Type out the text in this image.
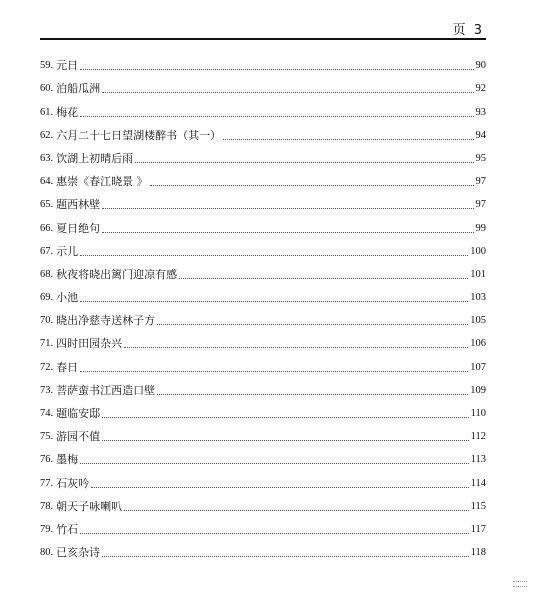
页 3
59. 元日	90
60. 泊船瓜洲	92
61. 梅花	93
62. 六月二十七日望湖楼醉书（其一）	94
63. 饮湖上初晴后雨	95
64. 惠崇《春江晓景 》	97
65. 题西林壁	97
66. 夏日绝句	99
67. 示儿	100
68. 秋夜将晓出篱门迎凉有感	101
69. 小池	103
70. 晓出净慈寺送林子方	105
71. 四时田园杂兴	106
72. 春日	107
73. 菩萨蛮书江西造口壁	109
74. 题临安邸	110
75. 游园不值	112
76. 墨梅	113
77. 石灰吟	114
78. 朝天子咏喇叭	115
79. 竹石	117
80. 已亥杂诗	118
